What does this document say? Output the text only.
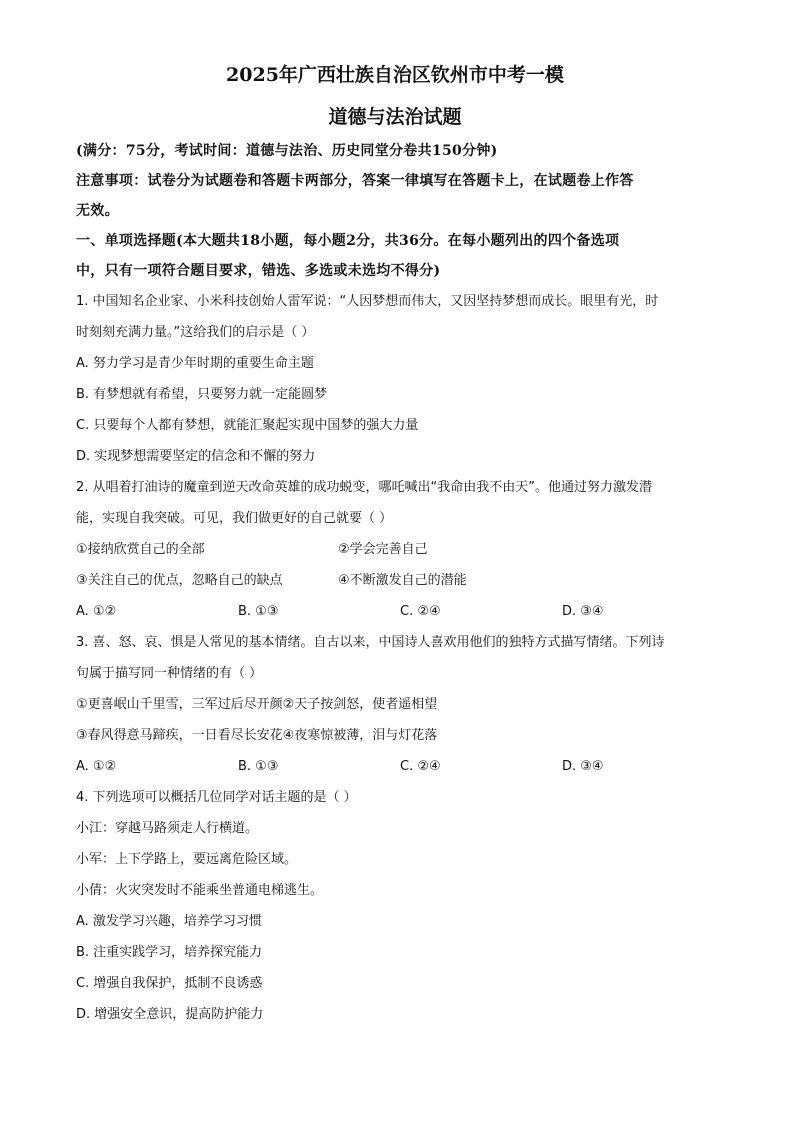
2025年广西壮族自治区钦州市中考一模
道德与法治试题
(满分：75分，考试时间：道德与法治、历史同堂分卷共150分钟)
注意事项：试卷分为试题卷和答题卡两部分，答案一律填写在答题卡上，在试题卷上作答
无效。
一、单项选择题(本大题共18小题，每小题2分，共36分。在每小题列出的四个备选项
中，只有一项符合题目要求，错选、多选或未选均不得分)
1. 中国知名企业家、小米科技创始人雷军说：“人因梦想而伟大，又因坚持梦想而成长。眼里有光，时
时刻刻充满力量。”这给我们的启示是（ ）
A. 努力学习是青少年时期的重要生命主题
B. 有梦想就有希望，只要努力就一定能圆梦
C. 只要每个人都有梦想，就能汇聚起实现中国梦的强大力量
D. 实现梦想需要坚定的信念和不懈的努力
2. 从唱着打油诗的魔童到逆天改命英雄的成功蜕变，哪吒喊出“我命由我不由天”。他通过努力激发潜
能，实现自我突破。可见，我们做更好的自己就要（ ）
①接纳欣赏自己的全部	②学会完善自己
③关注自己的优点，忽略自己的缺点	④不断激发自己的潜能
A. ①②	B. ①③	C. ②④	D. ③④
3. 喜、怒、哀、惧是人常见的基本情绪。自古以来，中国诗人喜欢用他们的独特方式描写情绪。下列诗
句属于描写同一种情绪的有（ ）
①更喜岷山千里雪，三军过后尽开颜②天子按剑怒，使者遥相望
③春风得意马蹄疾，一日看尽长安花④夜寒惊被薄，泪与灯花落
A. ①②	B. ①③	C. ②④	D. ③④
4. 下列选项可以概括几位同学对话主题的是（ ）
小江：穿越马路须走人行横道。
小军：上下学路上，要远离危险区域。
小倩：火灾突发时不能乘坐普通电梯逃生。
A. 激发学习兴趣，培养学习习惯
B. 注重实践学习，培养探究能力
C. 增强自我保护，抵制不良诱惑
D. 增强安全意识，提高防护能力
